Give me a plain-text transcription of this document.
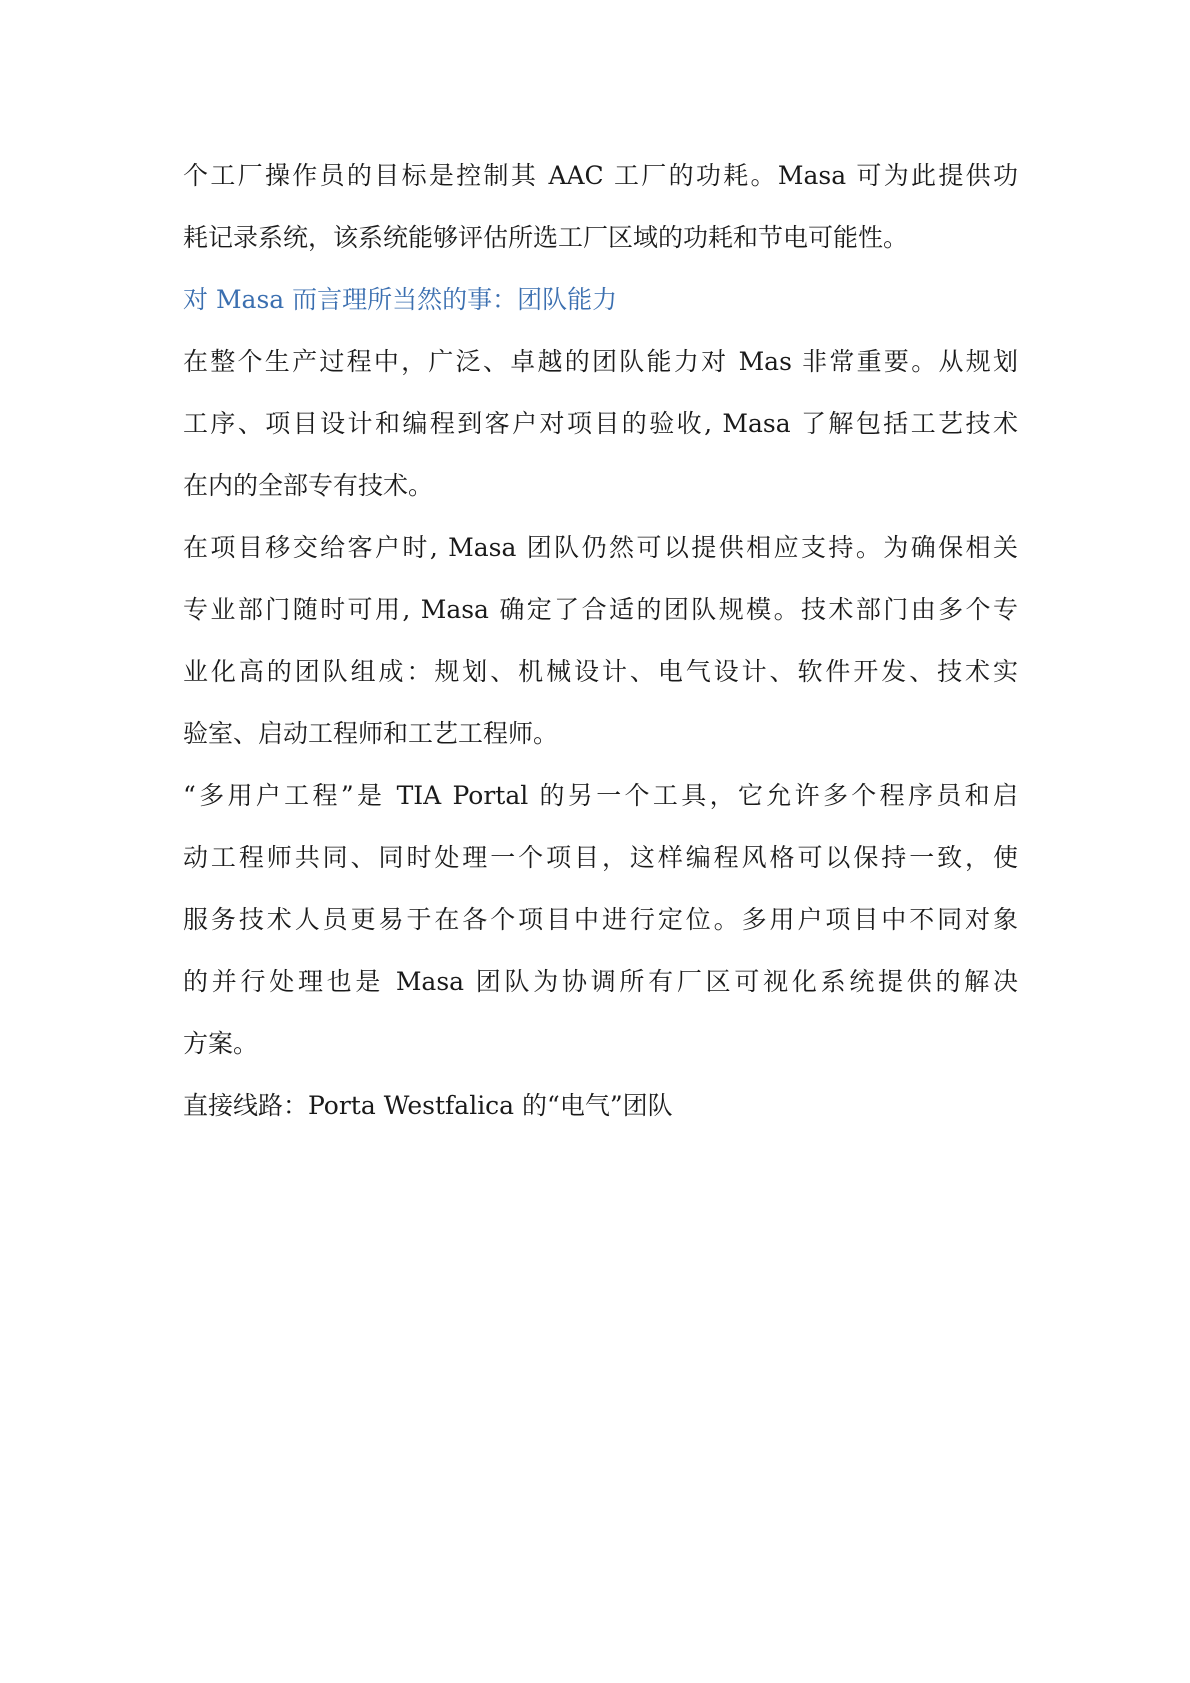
个工厂操作员的目标是控制其 AAC 工厂的功耗。Masa 可为此提供功
耗记录系统，该系统能够评估所选工厂区域的功耗和节电可能性。
对 Masa 而言理所当然的事：团队能力
在整个生产过程中，广泛、卓越的团队能力对 Mas 非常重要。从规划
工序、项目设计和编程到客户对项目的验收, Masa 了解包括工艺技术
在内的全部专有技术。
在项目移交给客户时, Masa 团队仍然可以提供相应支持。为确保相关
专业部门随时可用, Masa 确定了合适的团队规模。技术部门由多个专
业化高的团队组成：规划、机械设计、电气设计、软件开发、技术实
验室、启动工程师和工艺工程师。
“多用户工程”是 TIA Portal 的另一个工具，它允许多个程序员和启
动工程师共同、同时处理一个项目，这样编程风格可以保持一致，使
服务技术人员更易于在各个项目中进行定位。多用户项目中不同对象
的并行处理也是 Masa 团队为协调所有厂区可视化系统提供的解决
方案。
直接线路：Porta Westfalica 的“电气”团队
